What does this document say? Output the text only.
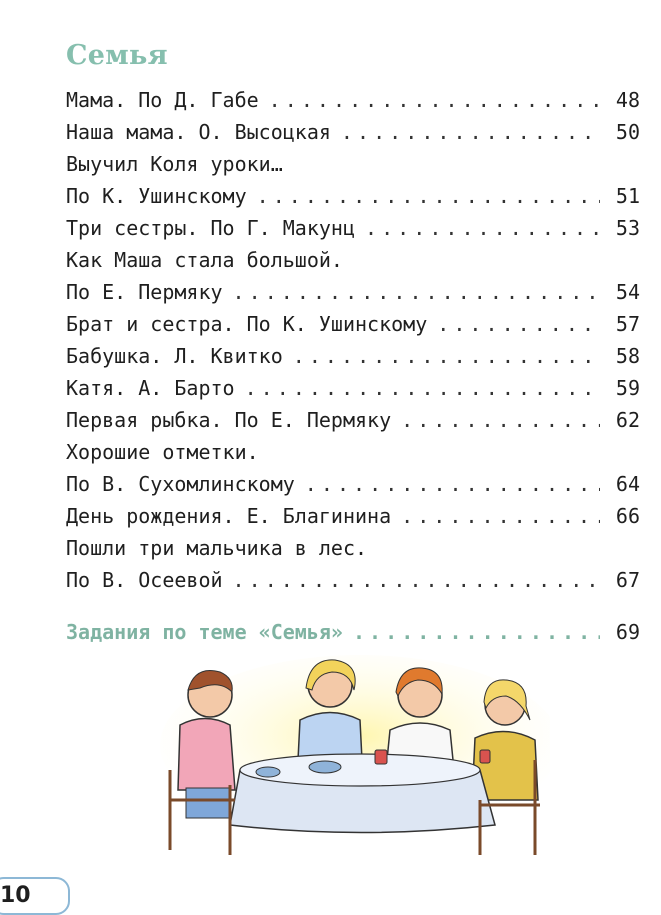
Семья
Мама. По Д. Габе . . .	48
Наша мама. О. Высоцкая . . .	50
Выучил Коля уроки…
По К. Ушинскому . . .	51
Три сестры. По Г. Макунц . . .	53
Как Маша стала большой.
По Е. Пермяку . . .	54
Брат и сестра. По К. Ушинскому . . .	57
Бабушка. Л. Квитко . . .	58
Катя. А. Барто . . .	59
Первая рыбка. По Е. Пермяку . . .	62
Хорошие отметки.
По В. Сухомлинскому . . .	64
День рождения. Е. Благинина . . .	66
Пошли три мальчика в лес.
По В. Осеевой . . .	67
Задания по теме «Семья» . . .	69
10
